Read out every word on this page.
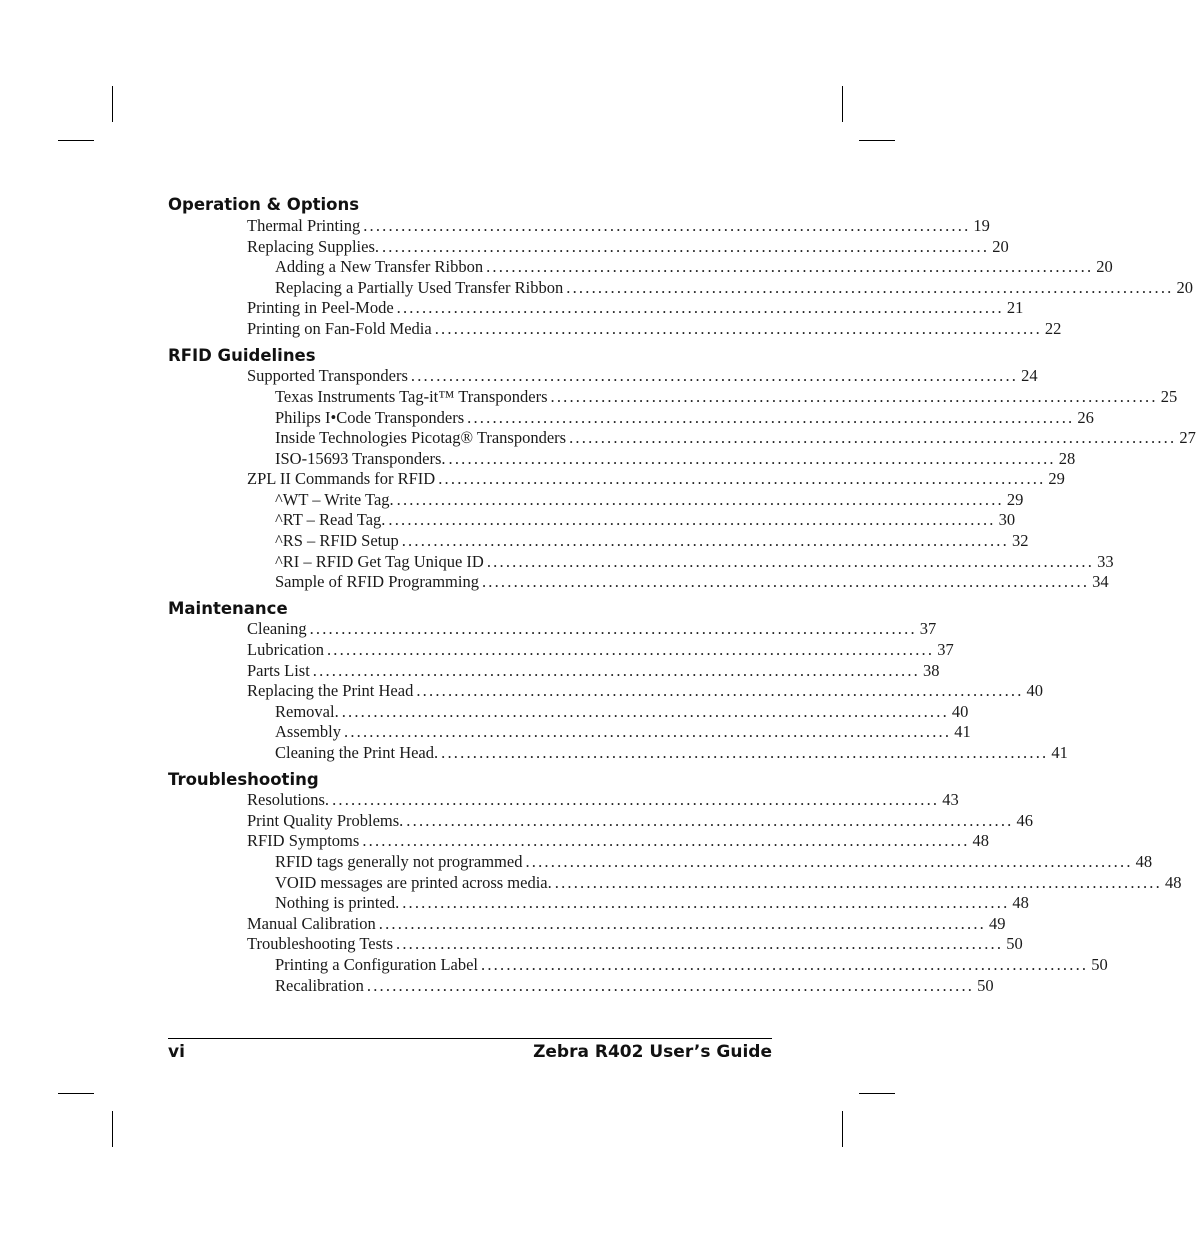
Operation & Options
Thermal Printing ................................................................................................ 19
Replacing Supplies. ................................................................................................ 20
Adding a New Transfer Ribbon ................................................................................................ 20
Replacing a Partially Used Transfer Ribbon ................................................................................................ 20
Printing in Peel-Mode ................................................................................................ 21
Printing on Fan-Fold Media ................................................................................................ 22
RFID Guidelines
Supported Transponders ................................................................................................ 24
Texas Instruments Tag-it™ Transponders ................................................................................................ 25
Philips I•Code Transponders ................................................................................................ 26
Inside Technologies Picotag® Transponders ................................................................................................ 27
ISO-15693 Transponders. ................................................................................................ 28
ZPL II Commands for RFID ................................................................................................ 29
^WT – Write Tag. ................................................................................................ 29
^RT – Read Tag. ................................................................................................ 30
^RS – RFID Setup ................................................................................................ 32
^RI – RFID Get Tag Unique ID ................................................................................................ 33
Sample of RFID Programming ................................................................................................ 34
Maintenance
Cleaning ................................................................................................ 37
Lubrication ................................................................................................ 37
Parts List ................................................................................................ 38
Replacing the Print Head ................................................................................................ 40
Removal. ................................................................................................ 40
Assembly ................................................................................................ 41
Cleaning the Print Head. ................................................................................................ 41
Troubleshooting
Resolutions. ................................................................................................ 43
Print Quality Problems. ................................................................................................ 46
RFID Symptoms ................................................................................................ 48
RFID tags generally not programmed ................................................................................................ 48
VOID messages are printed across media. ................................................................................................ 48
Nothing is printed. ................................................................................................ 48
Manual Calibration ................................................................................................ 49
Troubleshooting Tests ................................................................................................ 50
Printing a Configuration Label ................................................................................................ 50
Recalibration ................................................................................................ 50
vi	Zebra R402 User’s Guide
